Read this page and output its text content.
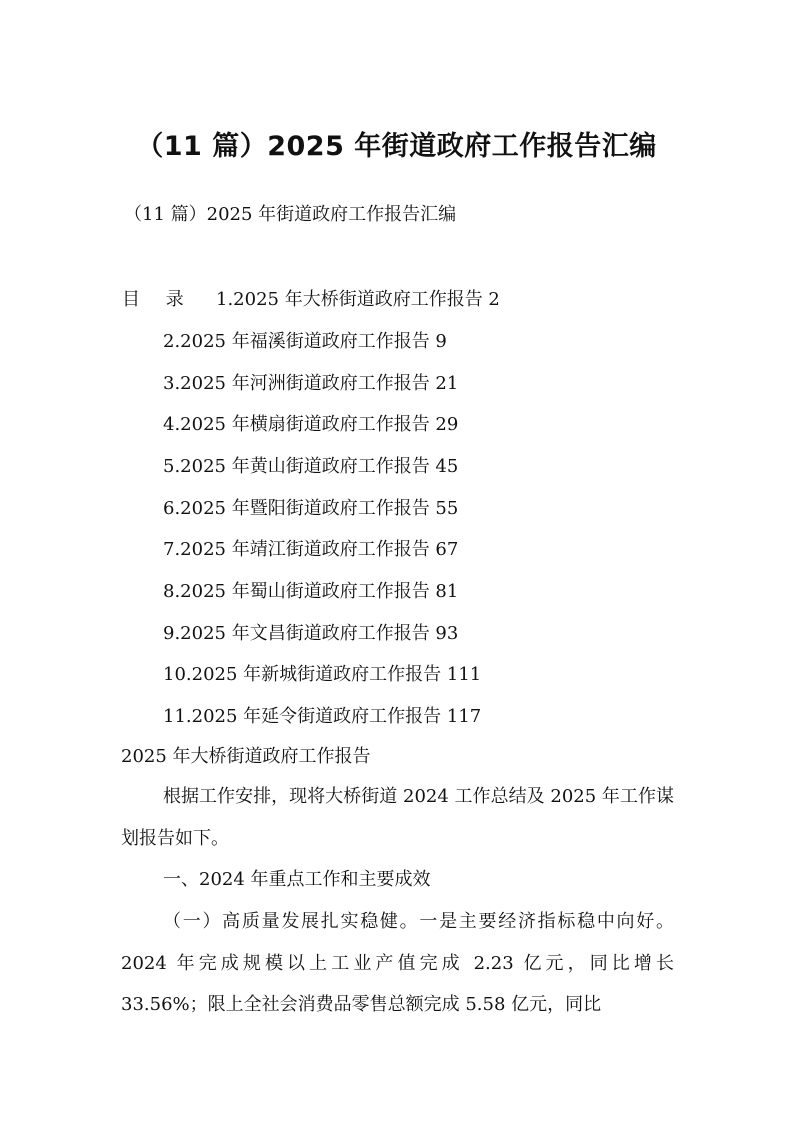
（11 篇）2025 年街道政府工作报告汇编
（11 篇）2025 年街道政府工作报告汇编
目 录 1.2025 年大桥街道政府工作报告 2
2.2025 年福溪街道政府工作报告 9
3.2025 年河洲街道政府工作报告 21
4.2025 年横扇街道政府工作报告 29
5.2025 年黄山街道政府工作报告 45
6.2025 年暨阳街道政府工作报告 55
7.2025 年靖江街道政府工作报告 67
8.2025 年蜀山街道政府工作报告 81
9.2025 年文昌街道政府工作报告 93
10.2025 年新城街道政府工作报告 111
11.2025 年延令街道政府工作报告 117
2025 年大桥街道政府工作报告

根据工作安排，现将大桥街道 2024 工作总结及 2025 年工作谋划报告如下。

一、2024 年重点工作和主要成效

（一）高质量发展扎实稳健。一是主要经济指标稳中向好。2024 年完成规模以上工业产值完成 2.23 亿元，同比增长 33.56%；限上全社会消费品零售总额完成 5.58 亿元，同比
